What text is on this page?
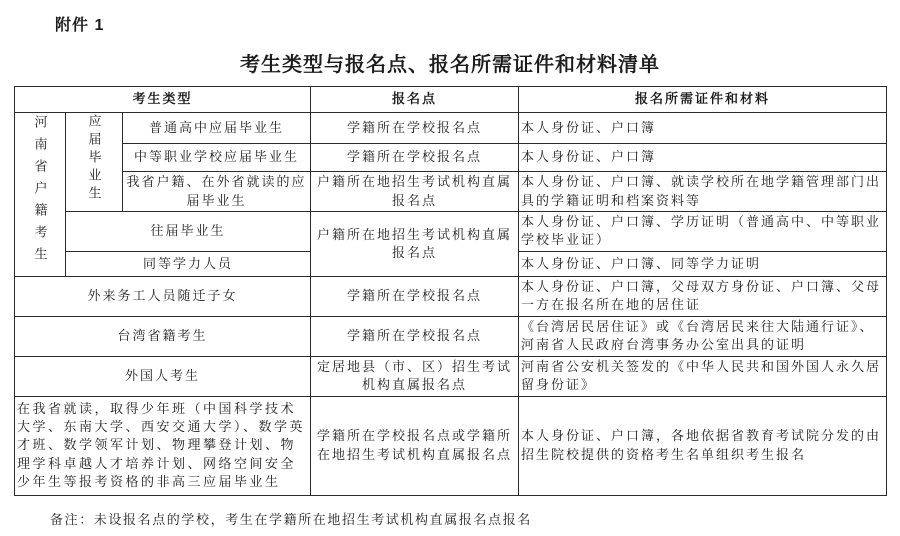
附件 1
考生类型与报名点、报名所需证件和材料清单
考生类型			报名点	报名所需证件和材料
河南省户籍考生	应届毕业生	普通高中应届毕业生	学籍所在学校报名点	本人身份证、户口簿
		中等职业学校应届毕业生	学籍所在学校报名点	本人身份证、户口簿
		我省户籍、在外省就读的应届毕业生	户籍所在地招生考试机构直属报名点	本人身份证、户口簿、就读学校所在地学籍管理部门出具的学籍证明和档案资料等
	往届毕业生		户籍所在地招生考试机构直属报名点	本人身份证、户口簿、学历证明（普通高中、中等职业学校毕业证）
	同等学力人员			本人身份证、户口簿、同等学力证明
外来务工人员随迁子女			学籍所在学校报名点	本人身份证、户口簿，父母双方身份证、户口簿、父母一方在报名所在地的居住证
台湾省籍考生			学籍所在学校报名点	《台湾居民居住证》或《台湾居民来往大陆通行证》、河南省人民政府台湾事务办公室出具的证明
外国人考生			定居地县（市、区）招生考试机构直属报名点	河南省公安机关签发的《中华人民共和国外国人永久居留身份证》
在我省就读，取得少年班（中国科学技术大学、东南大学、西安交通大学）、数学英才班、数学领军计划、物理攀登计划、物理学科卓越人才培养计划、网络空间安全少年生等报考资格的非高三应届毕业生			学籍所在学校报名点或学籍所在地招生考试机构直属报名点	本人身份证、户口簿，各地依据省教育考试院分发的由招生院校提供的资格考生名单组织考生报名
备注：未设报名点的学校，考生在学籍所在地招生考试机构直属报名点报名
